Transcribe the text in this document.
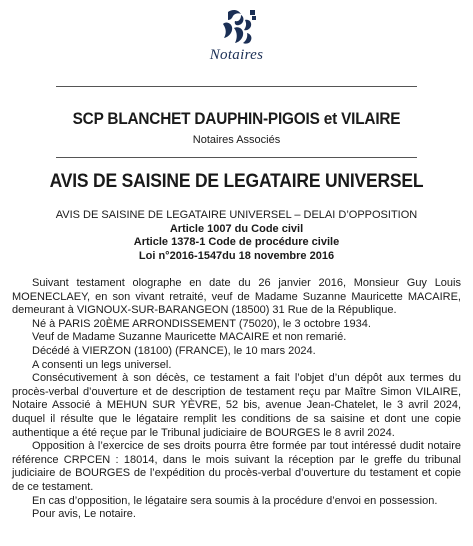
Notaires
SCP BLANCHET DAUPHIN-PIGOIS et VILAIRE
Notaires Associés
AVIS DE SAISINE DE LEGATAIRE UNIVERSEL
AVIS DE SAISINE DE LEGATAIRE UNIVERSEL – DELAI D’OPPOSITION
Article 1007 du Code civil
Article 1378-1 Code de procédure civile
Loi n°2016-1547du 18 novembre 2016

Suivant testament olographe en date du 26 janvier 2016, Monsieur Guy Louis MOENECLAEY, en son vivant retraité, veuf de Madame Suzanne Mauricette MACAIRE, demeurant à VIGNOUX-SUR-BARANGEON (18500) 31 Rue de la République.

Né à PARIS 20ÈME ARRONDISSEMENT (75020), le 3 octobre 1934.

Veuf de Madame Suzanne Mauricette MACAIRE et non remarié.

Décédé à VIERZON (18100) (FRANCE), le 10 mars 2024.

A consenti un legs universel.

Consécutivement à son décès, ce testament a fait l’objet d’un dépôt aux termes du procès-verbal d’ouverture et de description de testament reçu par Maître Simon VILAIRE, Notaire Associé à MEHUN SUR YÈVRE, 52 bis, avenue Jean-Chatelet, le 3 avril 2024, duquel il résulte que le légataire remplit les conditions de sa saisine et dont une copie authentique a été reçue par le Tribunal judiciaire de BOURGES le 8 avril 2024.

Opposition à l’exercice de ses droits pourra être formée par tout intéressé dudit notaire référence CRPCEN : 18014, dans le mois suivant la réception par le greffe du tribunal judiciaire de BOURGES de l’expédition du procès-verbal d’ouverture du testament et copie de ce testament.

En cas d’opposition, le légataire sera soumis à la procédure d’envoi en possession.

Pour avis, Le notaire.
